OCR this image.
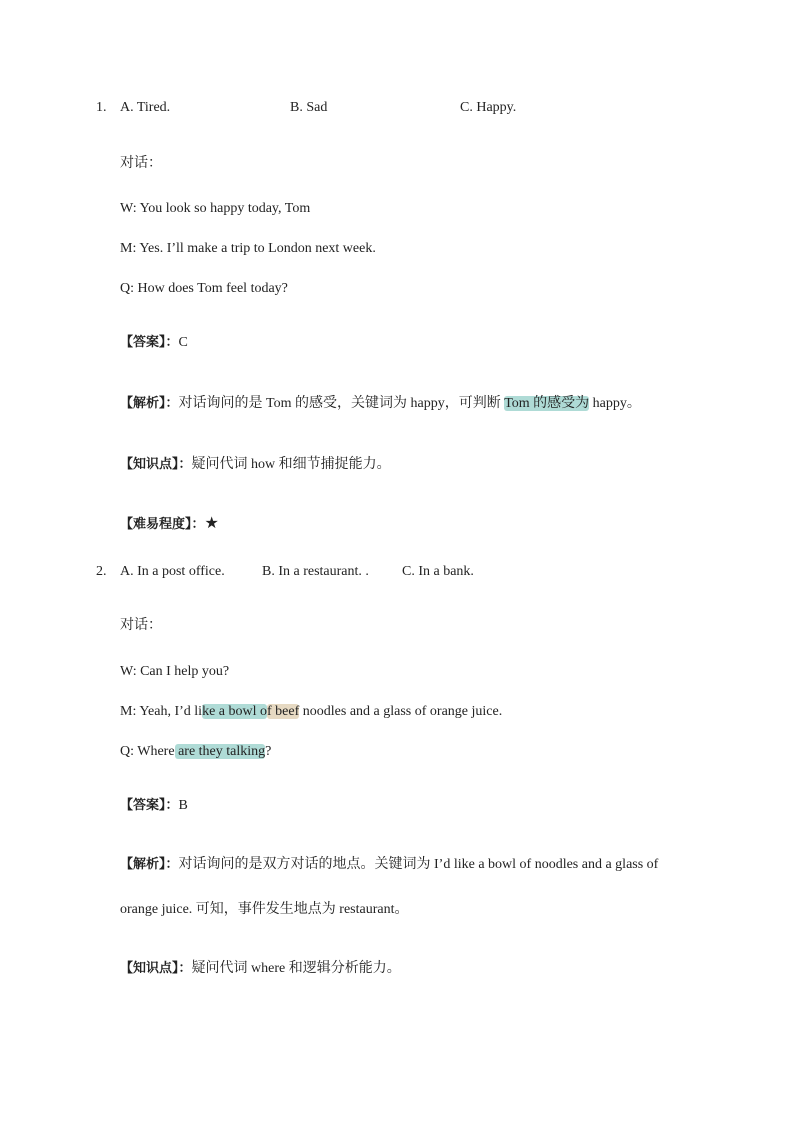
1. A. Tired.	B. Sad	C. Happy.
对话：
W: You look so happy today, Tom
M: Yes. I’ll make a trip to London next week.
Q: How does Tom feel today?
【答案】：C
【解析】：对话询问的是 Tom 的感受，关键词为 happy，可判断 Tom 的感受为 happy。
【知识点】：疑问代词 how 和细节捕捉能力。
【难易程度】：★
2. A. In a post office.	B. In a restaurant. . C. In a bank.
对话：
W: Can I help you?
M: Yeah, I’d like a bowl of beef noodles and a glass of orange juice.
Q: Where are they talking?
【答案】：B
【解析】：对话询问的是双方对话的地点。关键词为 I’d like a bowl of noodles and a glass of
orange juice. 可知，事件发生地点为 restaurant。
【知识点】：疑问代词 where 和逻辑分析能力。
